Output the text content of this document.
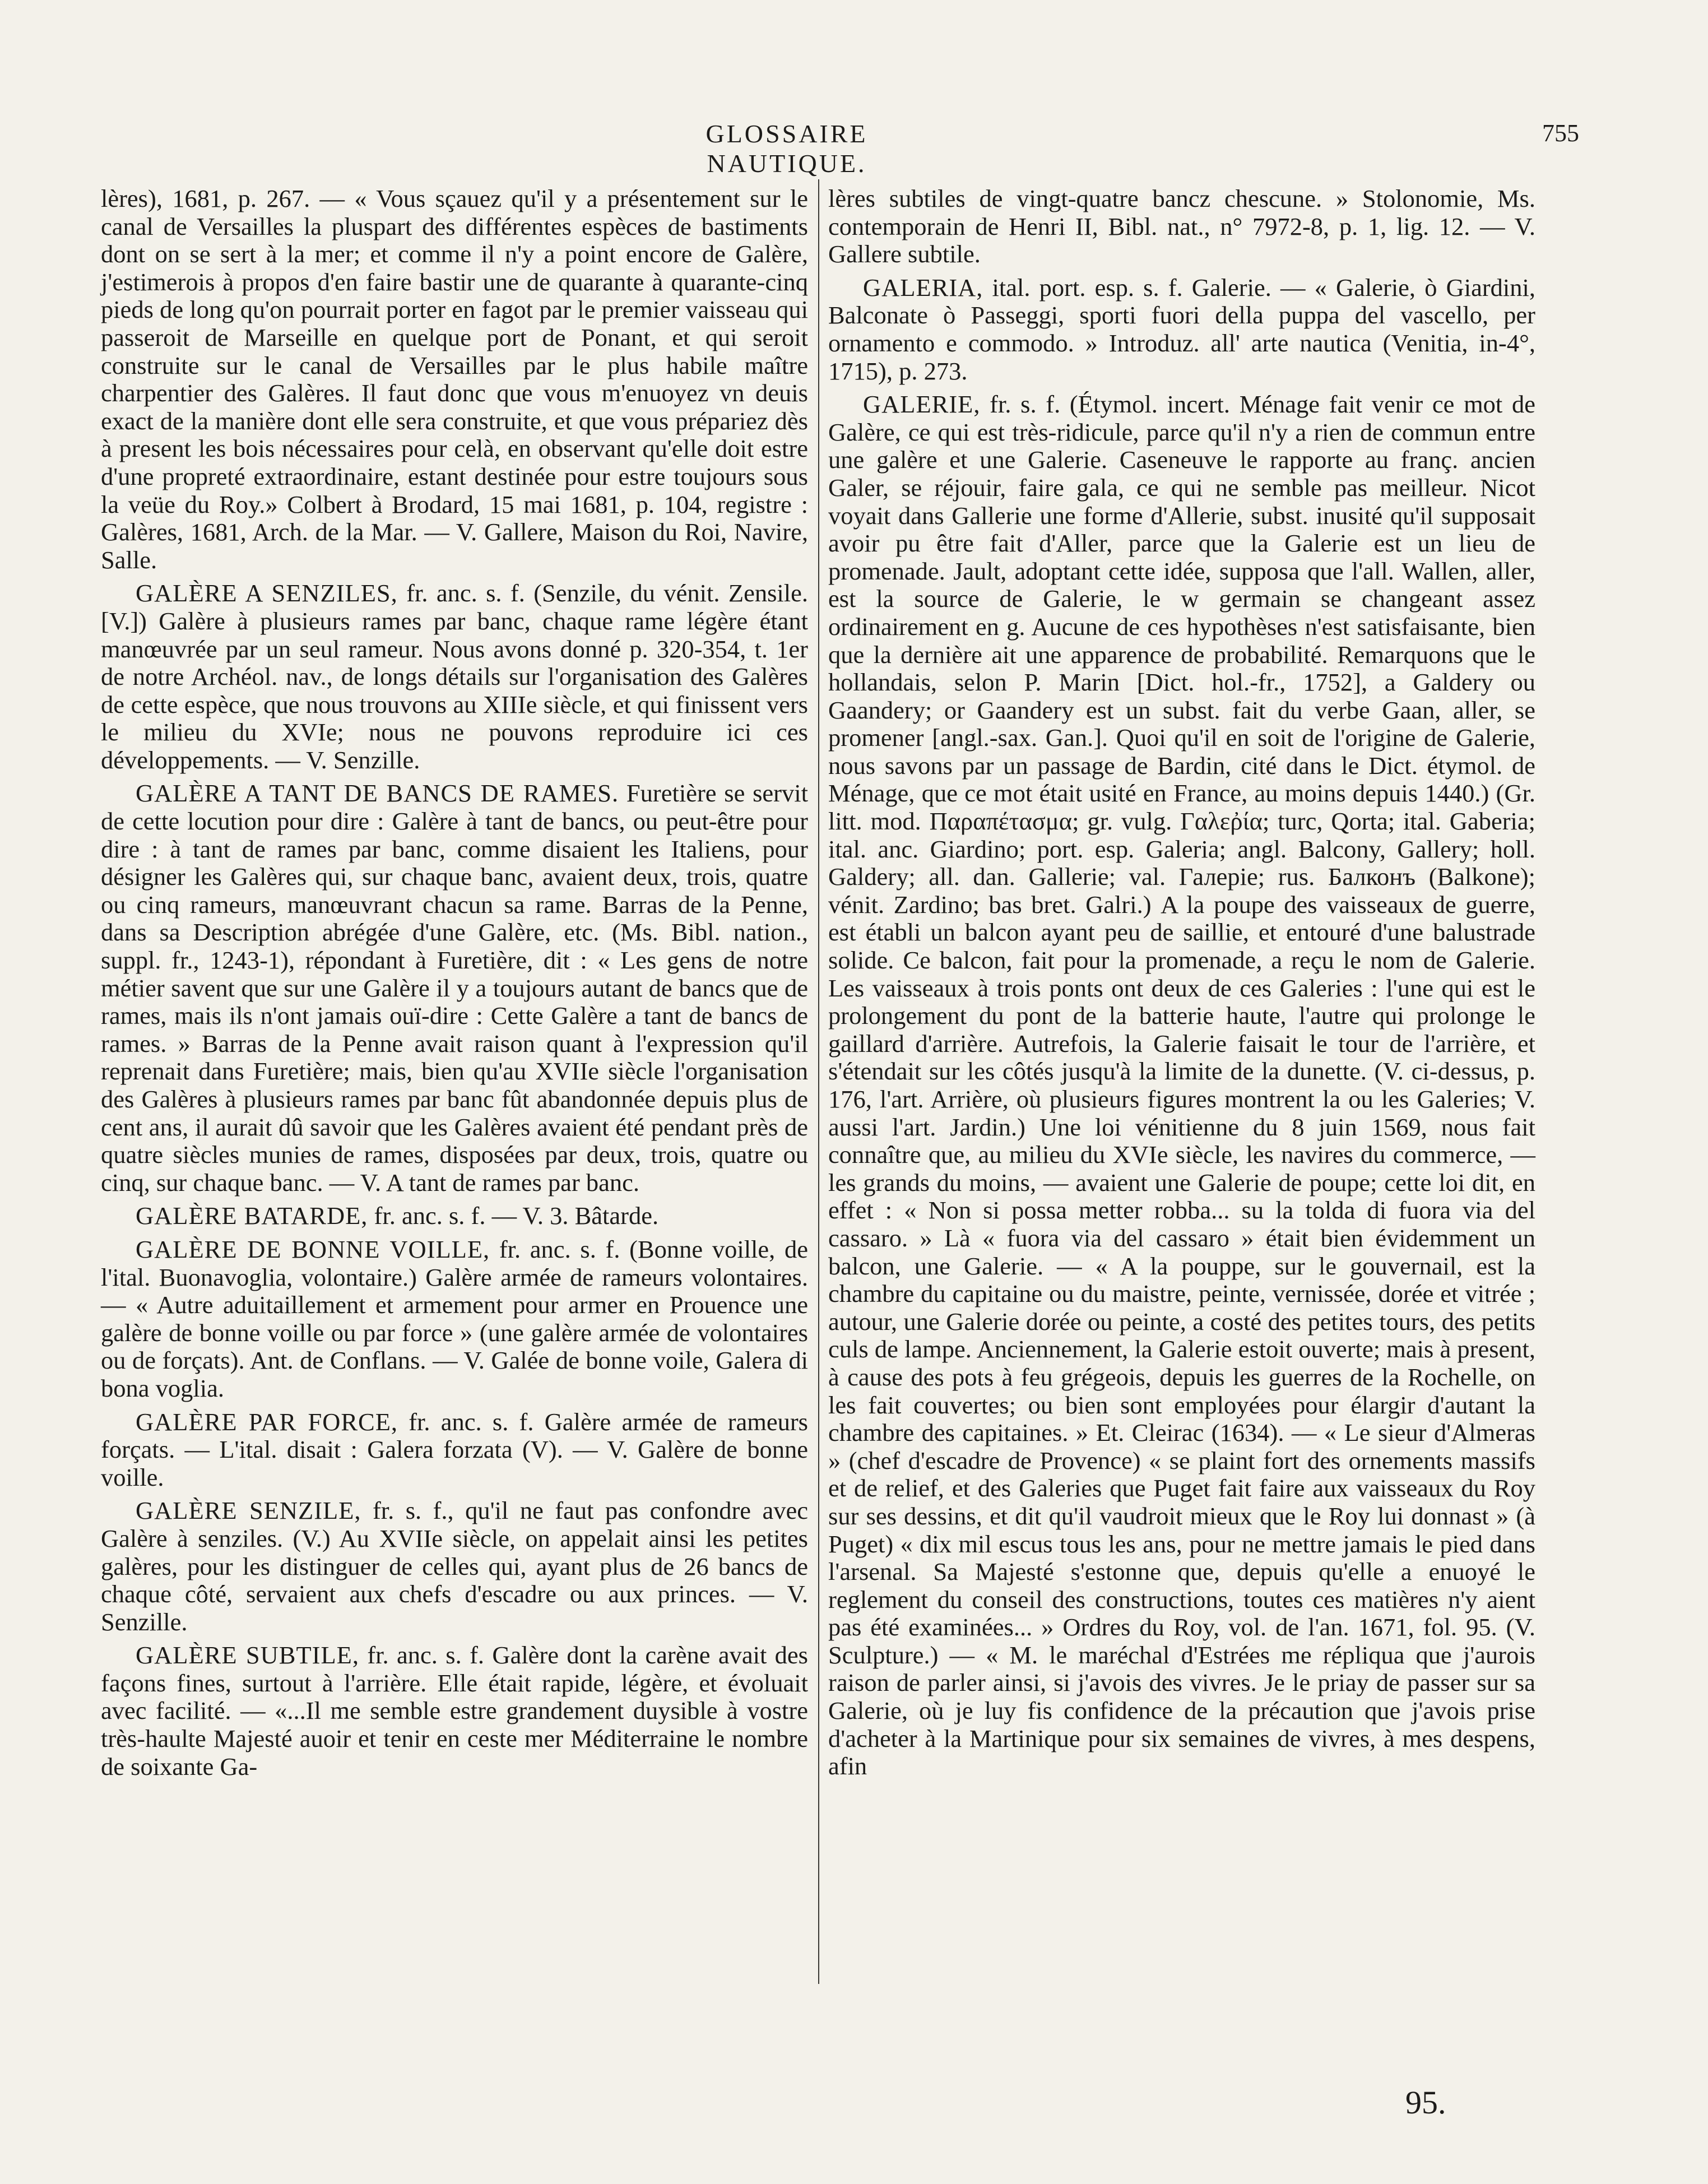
GLOSSAIRE NAUTIQUE.
755

lères), 1681, p. 267. — « Vous sçauez qu'il y a présentement sur le canal de Versailles la pluspart des différentes espèces de bastiments dont on se sert à la mer; et comme il n'y a point encore de Galère, j'estimerois à propos d'en faire bastir une de quarante à quarante-cinq pieds de long qu'on pourrait porter en fagot par le premier vaisseau qui passeroit de Marseille en quelque port de Ponant, et qui seroit construite sur le canal de Versailles par le plus habile maître charpentier des Galères. Il faut donc que vous m'enuoyez vn deuis exact de la manière dont elle sera construite, et que vous prépariez dès à present les bois nécessaires pour celà, en observant qu'elle doit estre d'une propreté extraordinaire, estant destinée pour estre toujours sous la veüe du Roy.» Colbert à Brodard, 15 mai 1681, p. 104, registre : Galères, 1681, Arch. de la Mar. — V. Gallere, Maison du Roi, Navire, Salle.

GALÈRE A SENZILES, fr. anc. s. f. (Senzile, du vénit. Zensile. [V.]) Galère à plusieurs rames par banc, chaque rame légère étant manœuvrée par un seul rameur. Nous avons donné p. 320-354, t. 1er de notre Archéol. nav., de longs détails sur l'organisation des Galères de cette espèce, que nous trouvons au XIIIe siècle, et qui finissent vers le milieu du XVIe; nous ne pouvons reproduire ici ces développements. — V. Senzille.

GALÈRE A TANT DE BANCS DE RAMES. Furetière se servit de cette locution pour dire : Galère à tant de bancs, ou peut-être pour dire : à tant de rames par banc, comme disaient les Italiens, pour désigner les Galères qui, sur chaque banc, avaient deux, trois, quatre ou cinq rameurs, manœuvrant chacun sa rame. Barras de la Penne, dans sa Description abrégée d'une Galère, etc. (Ms. Bibl. nation., suppl. fr., 1243-1), répondant à Furetière, dit : « Les gens de notre métier savent que sur une Galère il y a toujours autant de bancs que de rames, mais ils n'ont jamais ouï-dire : Cette Galère a tant de bancs de rames. » Barras de la Penne avait raison quant à l'expression qu'il reprenait dans Furetière; mais, bien qu'au XVIIe siècle l'organisation des Galères à plusieurs rames par banc fût abandonnée depuis plus de cent ans, il aurait dû savoir que les Galères avaient été pendant près de quatre siècles munies de rames, disposées par deux, trois, quatre ou cinq, sur chaque banc. — V. A tant de rames par banc.

GALÈRE BATARDE, fr. anc. s. f. — V. 3. Bâtarde.

GALÈRE DE BONNE VOILLE, fr. anc. s. f. (Bonne voille, de l'ital. Buonavoglia, volontaire.) Galère armée de rameurs volontaires. — « Autre aduitaillement et armement pour armer en Prouence une galère de bonne voille ou par force » (une galère armée de volontaires ou de forçats). Ant. de Conflans. — V. Galée de bonne voile, Galera di bona voglia.

GALÈRE PAR FORCE, fr. anc. s. f. Galère armée de rameurs forçats. — L'ital. disait : Galera forzata (V). — V. Galère de bonne voille.

GALÈRE SENZILE, fr. s. f., qu'il ne faut pas confondre avec Galère à senziles. (V.) Au XVIIe siècle, on appelait ainsi les petites galères, pour les distinguer de celles qui, ayant plus de 26 bancs de chaque côté, servaient aux chefs d'escadre ou aux princes. — V. Senzille.

GALÈRE SUBTILE, fr. anc. s. f. Galère dont la carène avait des façons fines, surtout à l'arrière. Elle était rapide, légère, et évoluait avec facilité. — «...Il me semble estre grandement duysible à vostre très-haulte Majesté auoir et tenir en ceste mer Méditerraine le nombre de soixante Ga-

lères subtiles de vingt-quatre bancz chescune. » Stolonomie, Ms. contemporain de Henri II, Bibl. nat., n° 7972-8, p. 1, lig. 12. — V. Gallere subtile.

GALERIA, ital. port. esp. s. f. Galerie. — « Galerie, ò Giardini, Balconate ò Passeggi, sporti fuori della puppa del vascello, per ornamento e commodo. » Introduz. all' arte nautica (Venitia, in-4°, 1715), p. 273.

GALERIE, fr. s. f. (Étymol. incert. Ménage fait venir ce mot de Galère, ce qui est très-ridicule, parce qu'il n'y a rien de commun entre une galère et une Galerie. Caseneuve le rapporte au franç. ancien Galer, se réjouir, faire gala, ce qui ne semble pas meilleur. Nicot voyait dans Gallerie une forme d'Allerie, subst. inusité qu'il supposait avoir pu être fait d'Aller, parce que la Galerie est un lieu de promenade. Jault, adoptant cette idée, supposa que l'all. Wallen, aller, est la source de Galerie, le w germain se changeant assez ordinairement en g. Aucune de ces hypothèses n'est satisfaisante, bien que la dernière ait une apparence de probabilité. Remarquons que le hollandais, selon P. Marin [Dict. hol.-fr., 1752], a Galdery ou Gaandery; or Gaandery est un subst. fait du verbe Gaan, aller, se promener [angl.-sax. Gan.]. Quoi qu'il en soit de l'origine de Galerie, nous savons par un passage de Bardin, cité dans le Dict. étymol. de Ménage, que ce mot était usité en France, au moins depuis 1440.) (Gr. litt. mod. Παραπέτασμα; gr. vulg. Γαλεῤία; turc, Qorta; ital. Gaberia; ital. anc. Giardino; port. esp. Galeria; angl. Balcony, Gallery; holl. Galdery; all. dan. Gallerie; val. Галеріе; rus. Балконъ (Balkone); vénit. Zardino; bas bret. Galri.) A la poupe des vaisseaux de guerre, est établi un balcon ayant peu de saillie, et entouré d'une balustrade solide. Ce balcon, fait pour la promenade, a reçu le nom de Galerie. Les vaisseaux à trois ponts ont deux de ces Galeries : l'une qui est le prolongement du pont de la batterie haute, l'autre qui prolonge le gaillard d'arrière. Autrefois, la Galerie faisait le tour de l'arrière, et s'étendait sur les côtés jusqu'à la limite de la dunette. (V. ci-dessus, p. 176, l'art. Arrière, où plusieurs figures montrent la ou les Galeries; V. aussi l'art. Jardin.) Une loi vénitienne du 8 juin 1569, nous fait connaître que, au milieu du XVIe siècle, les navires du commerce, — les grands du moins, — avaient une Galerie de poupe; cette loi dit, en effet : « Non si possa metter robba... su la tolda di fuora via del cassaro. » Là « fuora via del cassaro » était bien évidemment un balcon, une Galerie. — « A la pouppe, sur le gouvernail, est la chambre du capitaine ou du maistre, peinte, vernissée, dorée et vitrée ; autour, une Galerie dorée ou peinte, a costé des petites tours, des petits culs de lampe. Anciennement, la Galerie estoit ouverte; mais à present, à cause des pots à feu grégeois, depuis les guerres de la Rochelle, on les fait couvertes; ou bien sont employées pour élargir d'autant la chambre des capitaines. » Et. Cleirac (1634). — « Le sieur d'Almeras » (chef d'escadre de Provence) « se plaint fort des ornements massifs et de relief, et des Galeries que Puget fait faire aux vaisseaux du Roy sur ses dessins, et dit qu'il vaudroit mieux que le Roy lui donnast » (à Puget) « dix mil escus tous les ans, pour ne mettre jamais le pied dans l'arsenal. Sa Majesté s'estonne que, depuis qu'elle a enuoyé le reglement du conseil des constructions, toutes ces matières n'y aient pas été examinées... » Ordres du Roy, vol. de l'an. 1671, fol. 95. (V. Sculpture.) — « M. le maréchal d'Estrées me répliqua que j'aurois raison de parler ainsi, si j'avois des vivres. Je le priay de passer sur sa Galerie, où je luy fis confidence de la précaution que j'avois prise d'acheter à la Martinique pour six semaines de vivres, à mes despens, afin

95.
